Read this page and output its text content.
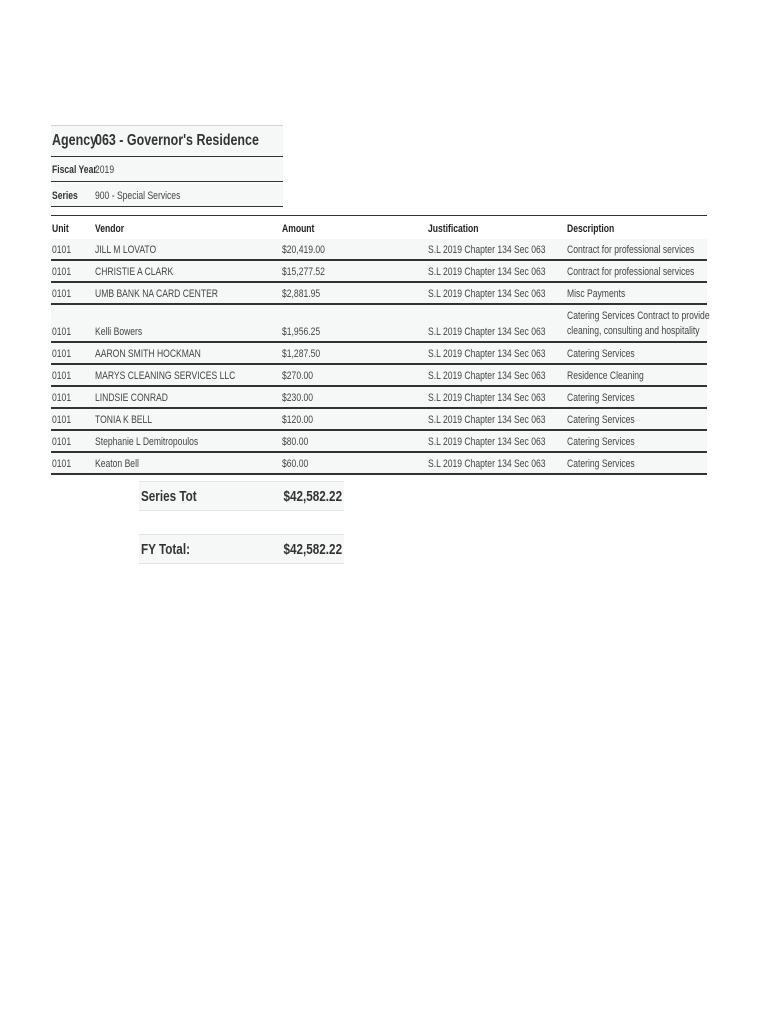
Agency
063 - Governor's Residence
Fiscal Year
2019
Series 900 - Special Services
Unit Vendor	Amount	Justification	Description
0101 JILL M LOVATO	$20,419.00	S.L 2019 Chapter 134 Sec 063 Contract for professional services
0101 CHRISTIE A CLARK	$15,277.52	S.L 2019 Chapter 134 Sec 063 Contract for professional services
0101 UMB BANK NA CARD CENTER	$2,881.95	S.L 2019 Chapter 134 Sec 063 Misc Payments
0101 Kelli Bowers	$1,956.25	S.L 2019 Chapter 134 Sec 063
Catering Services Contract to provide
cleaning, consulting and hospitality
0101 AARON SMITH HOCKMAN	$1,287.50	S.L 2019 Chapter 134 Sec 063 Catering Services
0101 MARYS CLEANING SERVICES LLC	$270.00	S.L 2019 Chapter 134 Sec 063 Residence Cleaning
0101 LINDSIE CONRAD	$230.00	S.L 2019 Chapter 134 Sec 063 Catering Services
0101 TONIA K BELL	$120.00	S.L 2019 Chapter 134 Sec 063 Catering Services
0101 Stephanie L Demitropoulos	$80.00	S.L 2019 Chapter 134 Sec 063 Catering Services
0101 Keaton Bell	$60.00	S.L 2019 Chapter 134 Sec 063 Catering Services
Series Tot	$42,582.22
FY Total:	$42,582.22
